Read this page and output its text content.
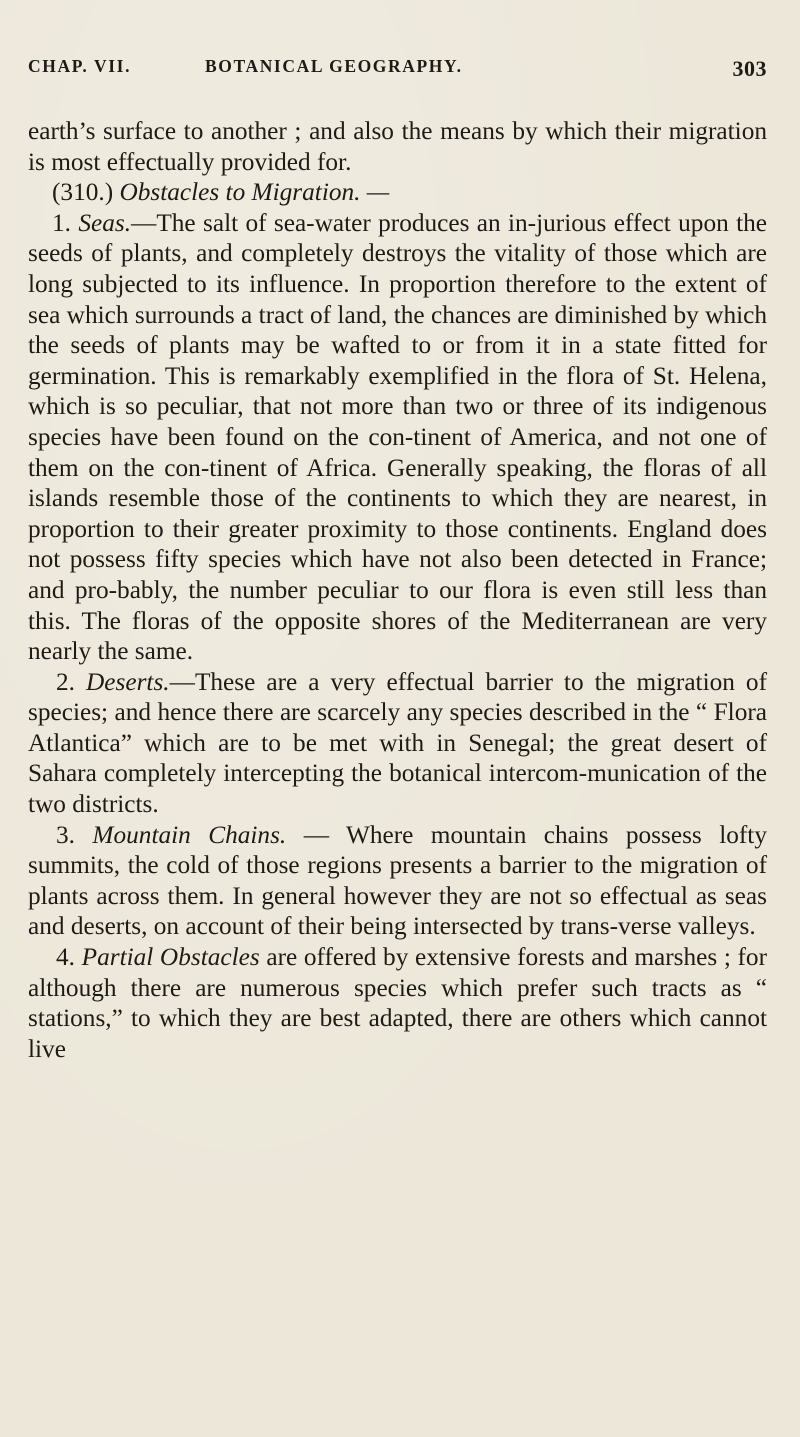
CHAP. VII.	BOTANICAL GEOGRAPHY.	303

earth’s surface to another ; and also the means by which their migration is most effectually provided for.

(310.) Obstacles to Migration. —

1. Seas.—The salt of sea-water produces an in-jurious effect upon the seeds of plants, and completely destroys the vitality of those which are long subjected to its influence. In proportion therefore to the extent of sea which surrounds a tract of land, the chances are diminished by which the seeds of plants may be wafted to or from it in a state fitted for germination. This is remarkably exemplified in the flora of St. Helena, which is so peculiar, that not more than two or three of its indigenous species have been found on the con-tinent of America, and not one of them on the con-tinent of Africa. Generally speaking, the floras of all islands resemble those of the continents to which they are nearest, in proportion to their greater proximity to those continents. England does not possess fifty species which have not also been detected in France; and pro-bably, the number peculiar to our flora is even still less than this. The floras of the opposite shores of the Mediterranean are very nearly the same.

2. Deserts.—These are a very effectual barrier to the migration of species; and hence there are scarcely any species described in the “ Flora Atlantica” which are to be met with in Senegal; the great desert of Sahara completely intercepting the botanical intercom-munication of the two districts.

3. Mountain Chains. — Where mountain chains possess lofty summits, the cold of those regions presents a barrier to the migration of plants across them. In general however they are not so effectual as seas and deserts, on account of their being intersected by trans-verse valleys.

4. Partial Obstacles are offered by extensive forests and marshes ; for although there are numerous species which prefer such tracts as “ stations,” to which they are best adapted, there are others which cannot live
